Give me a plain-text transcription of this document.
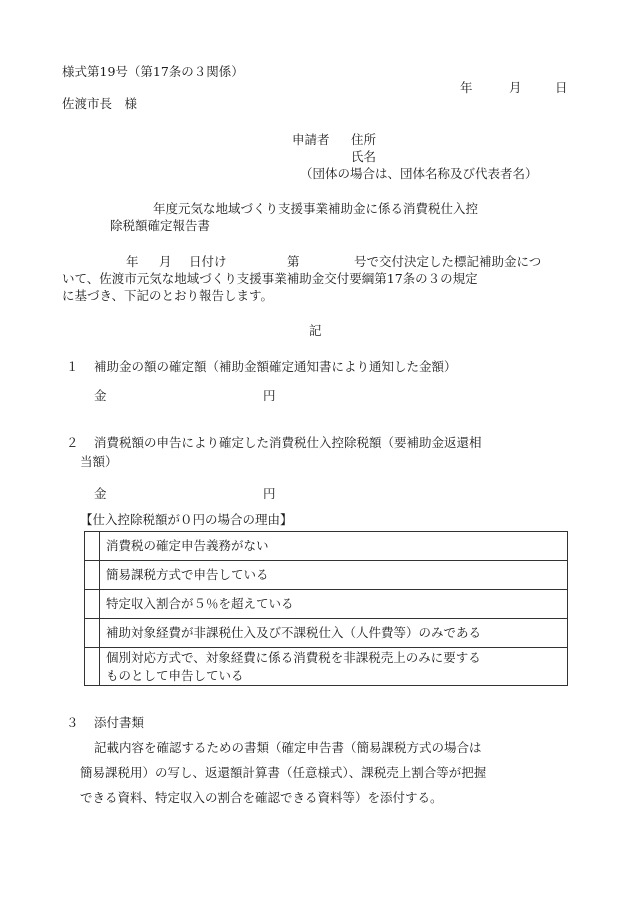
様式第19号（第17条の３関係）
年	月	日
佐渡市長　様
申請者 住所
氏名
（団体の場合は、団体名称及び代表者名）
年度元気な地域づくり支援事業補助金に係る消費税仕入控
除税額確定報告書
年 月 日付け	第	号で交付決定した標記補助金につ
いて、佐渡市元気な地域づくり支援事業補助金交付要綱第17条の３の規定
に基づき、下記のとおり報告します。
記
１ 補助金の額の確定額（補助金額確定通知書により通知した金額）
金	円
２ 消費税額の申告により確定した消費税仕入控除税額（要補助金返還相
当額）
金	円
【仕入控除税額が０円の場合の理由】
	消費税の確定申告義務がない
	簡易課税方式で申告している
	特定収入割合が５％を超えている
	補助対象経費が非課税仕入及び不課税仕入（人件費等）のみである

	個別対応方式で、対象経費に係る消費税を非課税売上のみに要する
ものとして申告している
３ 添付書類
記載内容を確認するための書類（確定申告書（簡易課税方式の場合は
簡易課税用）の写し、返還額計算書（任意様式）、課税売上割合等が把握
できる資料、特定収入の割合を確認できる資料等）を添付する。
